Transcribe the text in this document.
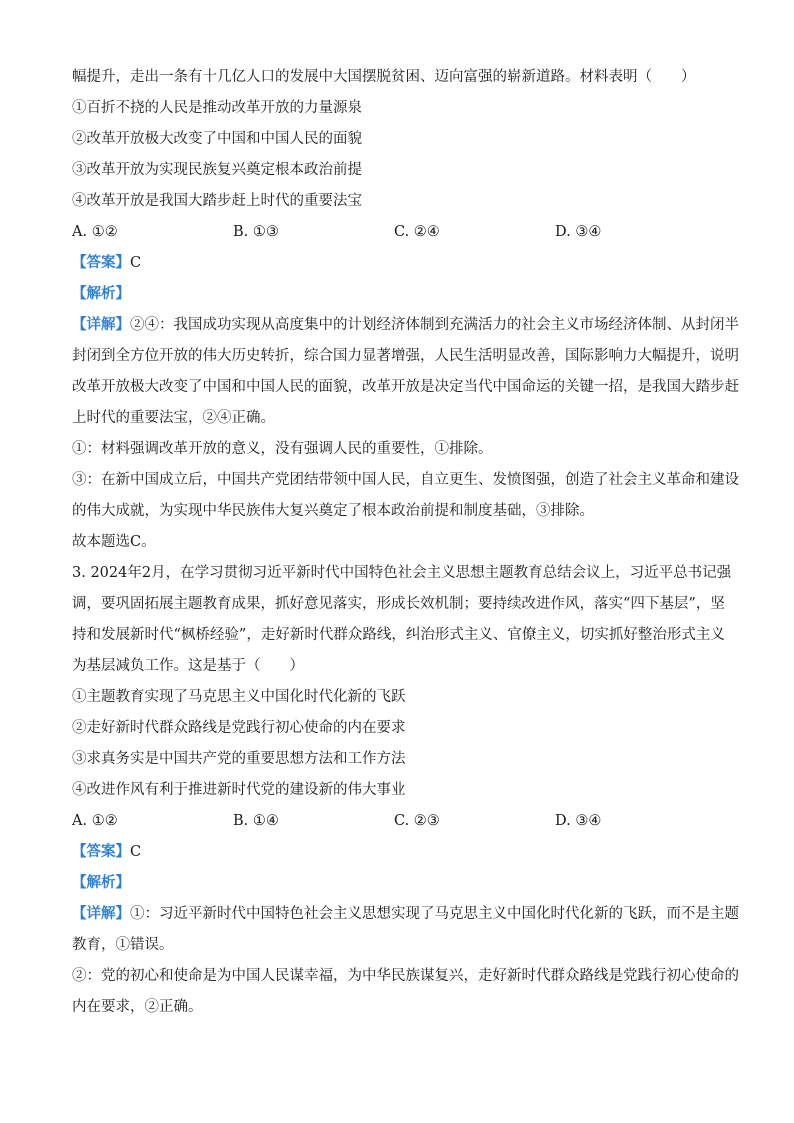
幅提升，走出一条有十几亿人口的发展中大国摆脱贫困、迈向富强的崭新道路。材料表明（　　）
①百折不挠的人民是推动改革开放的力量源泉
②改革开放极大改变了中国和中国人民的面貌
③改革开放为实现民族复兴奠定根本政治前提
④改革开放是我国大踏步赶上时代的重要法宝
A. ①②	B. ①③	C. ②④	D. ③④
【答案】C
【解析】
【详解】②④：我国成功实现从高度集中的计划经济体制到充满活力的社会主义市场经济体制、从封闭半
封闭到全方位开放的伟大历史转折，综合国力显著增强，人民生活明显改善，国际影响力大幅提升，说明
改革开放极大改变了中国和中国人民的面貌，改革开放是决定当代中国命运的关键一招，是我国大踏步赶
上时代的重要法宝，②④正确。
①：材料强调改革开放的意义，没有强调人民的重要性，①排除。
③：在新中国成立后，中国共产党团结带领中国人民，自立更生、发愤图强，创造了社会主义革命和建设
的伟大成就，为实现中华民族伟大复兴奠定了根本政治前提和制度基础，③排除。
故本题选C。
3. 2024年2月，在学习贯彻习近平新时代中国特色社会主义思想主题教育总结会议上，习近平总书记强
调，要巩固拓展主题教育成果，抓好意见落实，形成长效机制；要持续改进作风，落实“四下基层”，坚
持和发展新时代“枫桥经验”，走好新时代群众路线，纠治形式主义、官僚主义，切实抓好整治形式主义
为基层减负工作。这是基于（　　）
①主题教育实现了马克思主义中国化时代化新的飞跃
②走好新时代群众路线是党践行初心使命的内在要求
③求真务实是中国共产党的重要思想方法和工作方法
④改进作风有利于推进新时代党的建设新的伟大事业
A. ①②	B. ①④	C. ②③	D. ③④
【答案】C
【解析】
【详解】①：习近平新时代中国特色社会主义思想实现了马克思主义中国化时代化新的飞跃，而不是主题
教育，①错误。
②：党的初心和使命是为中国人民谋幸福，为中华民族谋复兴，走好新时代群众路线是党践行初心使命的
内在要求，②正确。
